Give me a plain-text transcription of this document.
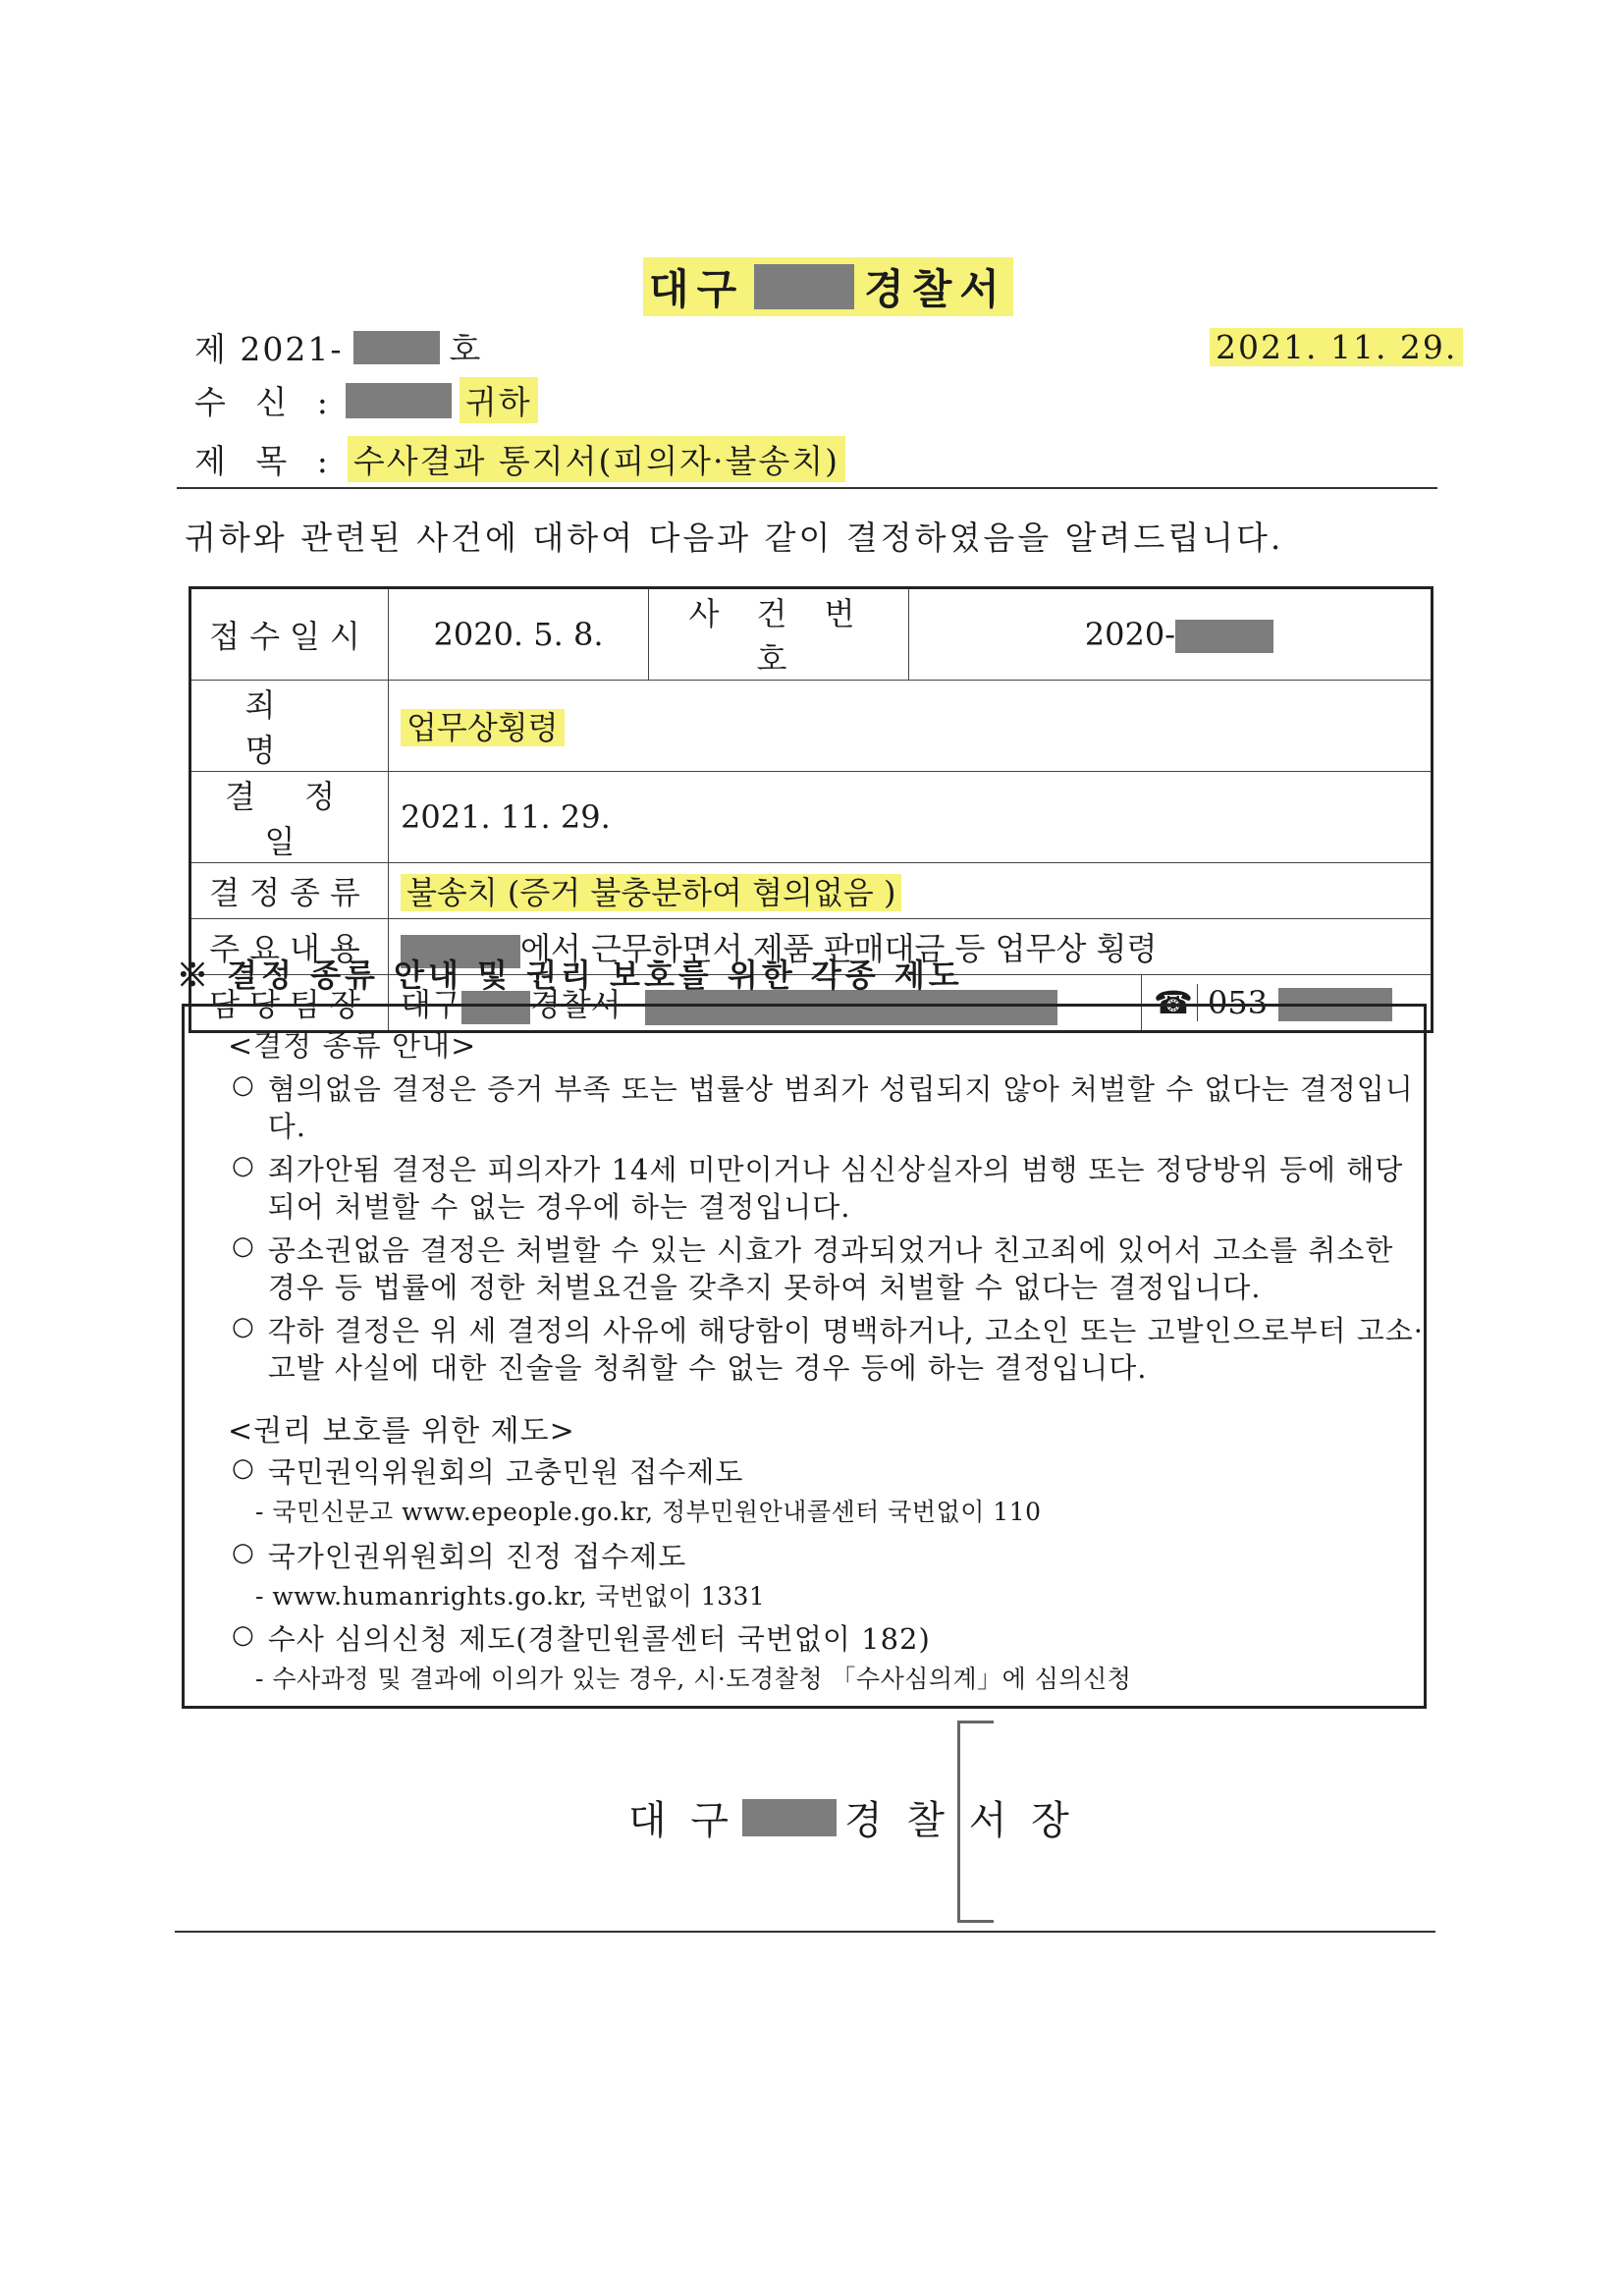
대구	경찰서
제 2021-	호	2021. 11. 29.
수 신 :	귀하
제 목 : 수사결과 통지서(피의자·불송치)
귀하와 관련된 사건에 대하여 다음과 같이 결정하였음을 알려드립니다.
접수일시	2020. 5. 8.	사 건 번 호	2020-	
죄 명	업무상횡령			
결 정 일	2021. 11. 29.			
결정종류	불송치 (증거 불충분하여 혐의없음 )			
주요내용	에서 근무하면서 제품 판매대금 등 업무상 횡령			
담당팀장	대구 경찰서			☎ 053-
※ 결정 종류 안내 및 권리 보호를 위한 각종 제도
<결정 종류 안내>
○ 혐의없음 결정은 증거 부족 또는 법률상 범죄가 성립되지 않아 처벌할 수 없다는 결정입니다.
○ 죄가안됨 결정은 피의자가 14세 미만이거나 심신상실자의 범행 또는 정당방위 등에 해당되어 처벌할 수 없는 경우에 하는 결정입니다.
○ 공소권없음 결정은 처벌할 수 있는 시효가 경과되었거나 친고죄에 있어서 고소를 취소한 경우 등 법률에 정한 처벌요건을 갖추지 못하여 처벌할 수 없다는 결정입니다.
○ 각하 결정은 위 세 결정의 사유에 해당함이 명백하거나, 고소인 또는 고발인으로부터 고소·고발 사실에 대한 진술을 청취할 수 없는 경우 등에 하는 결정입니다.
<권리 보호를 위한 제도>
○ 국민권익위원회의 고충민원 접수제도
- 국민신문고 www.epeople.go.kr, 정부민원안내콜센터 국번없이 110
○ 국가인권위원회의 진정 접수제도
- www.humanrights.go.kr, 국번없이 1331
○ 수사 심의신청 제도(경찰민원콜센터 국번없이 182)
- 수사과정 및 결과에 이의가 있는 경우, 시·도경찰청 「수사심의계」에 심의신청
대 구	경 찰 서 장
